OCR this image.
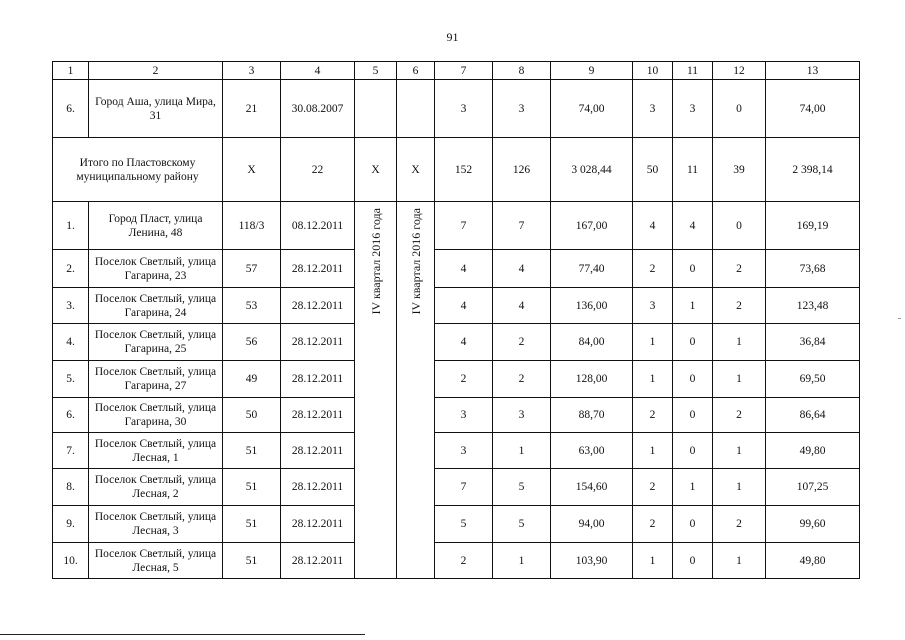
91
1	2	3	4	5	6	7	8	9	10	11	12	13
6.	Город Аша, улица Мира, 31	21	30.08.2007			3	3	74,00	3	3	0	74,00
Итого по Пластовскому муниципальному району		X	22	X	X	152	126	3 028,44	50	11	39	2 398,14
1.	Город Пласт, улица Ленина, 48	118/3	08.12.2011	IV квартал 2016 года	IV квартал 2016 года	7	7	167,00	4	4	0	169,19
2.	Поселок Светлый, улица Гагарина, 23	57	28.12.2011			4	4	77,40	2	0	2	73,68
3.	Поселок Светлый, улица Гагарина, 24	53	28.12.2011			4	4	136,00	3	1	2	123,48
4.	Поселок Светлый, улица Гагарина, 25	56	28.12.2011			4	2	84,00	1	0	1	36,84
5.	Поселок Светлый, улица Гагарина, 27	49	28.12.2011			2	2	128,00	1	0	1	69,50
6.	Поселок Светлый, улица Гагарина, 30	50	28.12.2011			3	3	88,70	2	0	2	86,64
7.	Поселок Светлый, улица Лесная, 1	51	28.12.2011			3	1	63,00	1	0	1	49,80
8.	Поселок Светлый, улица Лесная, 2	51	28.12.2011			7	5	154,60	2	1	1	107,25
9.	Поселок Светлый, улица Лесная, 3	51	28.12.2011			5	5	94,00	2	0	2	99,60
10.	Поселок Светлый, улица Лесная, 5	51	28.12.2011			2	1	103,90	1	0	1	49,80
